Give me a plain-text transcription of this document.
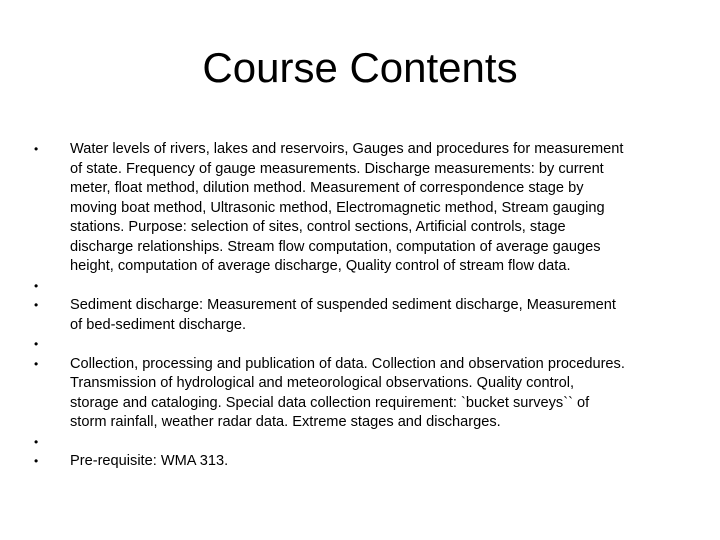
Course Contents
•	Water levels of rivers, lakes and reservoirs, Gauges and procedures for measurement
of state. Frequency of gauge measurements. Discharge measurements: by current
meter, float method, dilution method. Measurement of correspondence stage by
moving boat method, Ultrasonic method, Electromagnetic method, Stream gauging
stations. Purpose: selection of sites, control sections, Artificial controls, stage
discharge relationships. Stream flow computation, computation of average gauges
height, computation of average discharge, Quality control of stream flow data.
•
•	Sediment discharge: Measurement of suspended sediment discharge, Measurement
of bed-sediment discharge.
•
•	Collection, processing and publication of data. Collection and observation procedures.
Transmission of hydrological and meteorological observations. Quality control,
storage and cataloging. Special data collection requirement: `bucket surveys`` of
storm rainfall, weather radar data. Extreme stages and discharges.
•
•	Pre-requisite: WMA 313.
